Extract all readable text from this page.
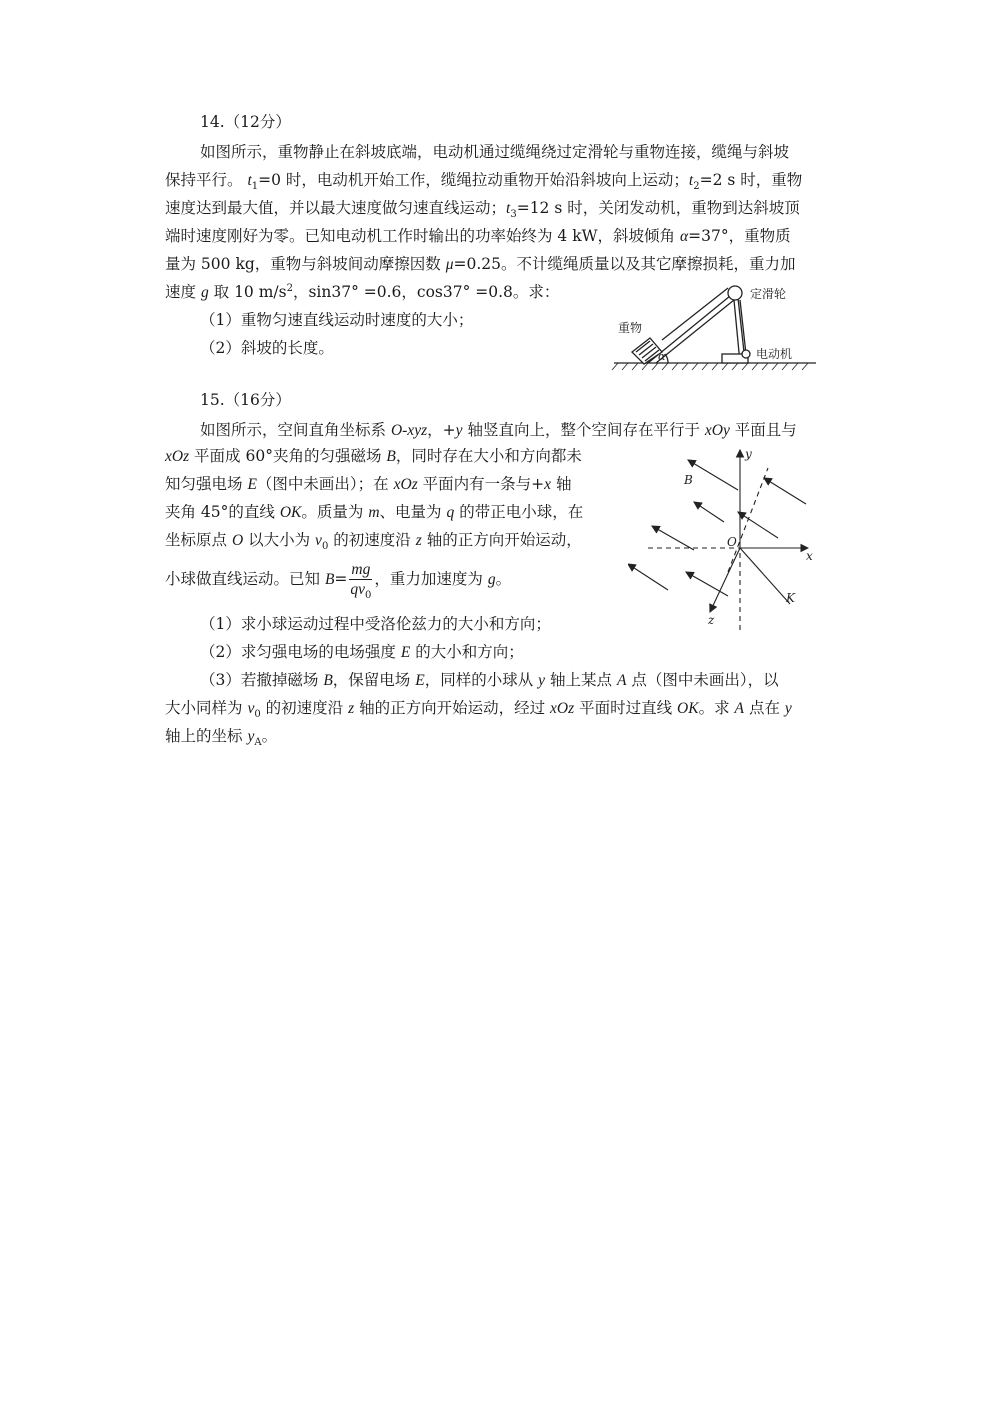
14.（12分）
如图所示，重物静止在斜坡底端，电动机通过缆绳绕过定滑轮与重物连接，缆绳与斜坡
保持平行。 $t_1=0$ 时，电动机开始工作，缆绳拉动重物开始沿斜坡向上运动；$t_2=2$ s 时，重物
速度达到最大值，并以最大速度做匀速直线运动；$t_3=12$ s 时，关闭发动机，重物到达斜坡顶
端时速度刚好为零。已知电动机工作时输出的功率始终为 4 kW，斜坡倾角 α=37°，重物质
量为 500 kg，重物与斜坡间动摩擦因数 μ=0.25。不计缆绳质量以及其它摩擦损耗，重力加
速度 g 取 10 $m/s^2$，sin37° =0.6，cos37° =0.8。求：
（1）重物匀速直线运动时速度的大小；
（2）斜坡的长度。
重物
定滑轮
电动机
α
15.（16分）
如图所示，空间直角坐标系 O-xyz，+y 轴竖直向上，整个空间存在平行于 xOy 平面且与
xOz 平面成 60°夹角的匀强磁场 B，同时存在大小和方向都未
知匀强电场 E（图中未画出）；在 xOz 平面内有一条与+x 轴
夹角 45°的直线 OK。质量为 m、电量为 q 的带正电小球，在
坐标原点 O 以大小为 $v_0$ 的初速度沿 z 轴的正方向开始运动，
小球做直线运动。已知 $B= \frac{mg}{qv_0}$ ，重力加速度为 g。
（1）求小球运动过程中受洛伦兹力的大小和方向；
（2）求匀强电场的电场强度 E 的大小和方向；
（3）若撤掉磁场 B，保留电场 E，同样的小球从 y 轴上某点 A 点（图中未画出），以
大小同样为 $v_0$ 的初速度沿 z 轴的正方向开始运动，经过 xOz 平面时过直线 OK。求 A 点在 y
轴上的坐标 $y_A$。
y
x
z
O
K
B
